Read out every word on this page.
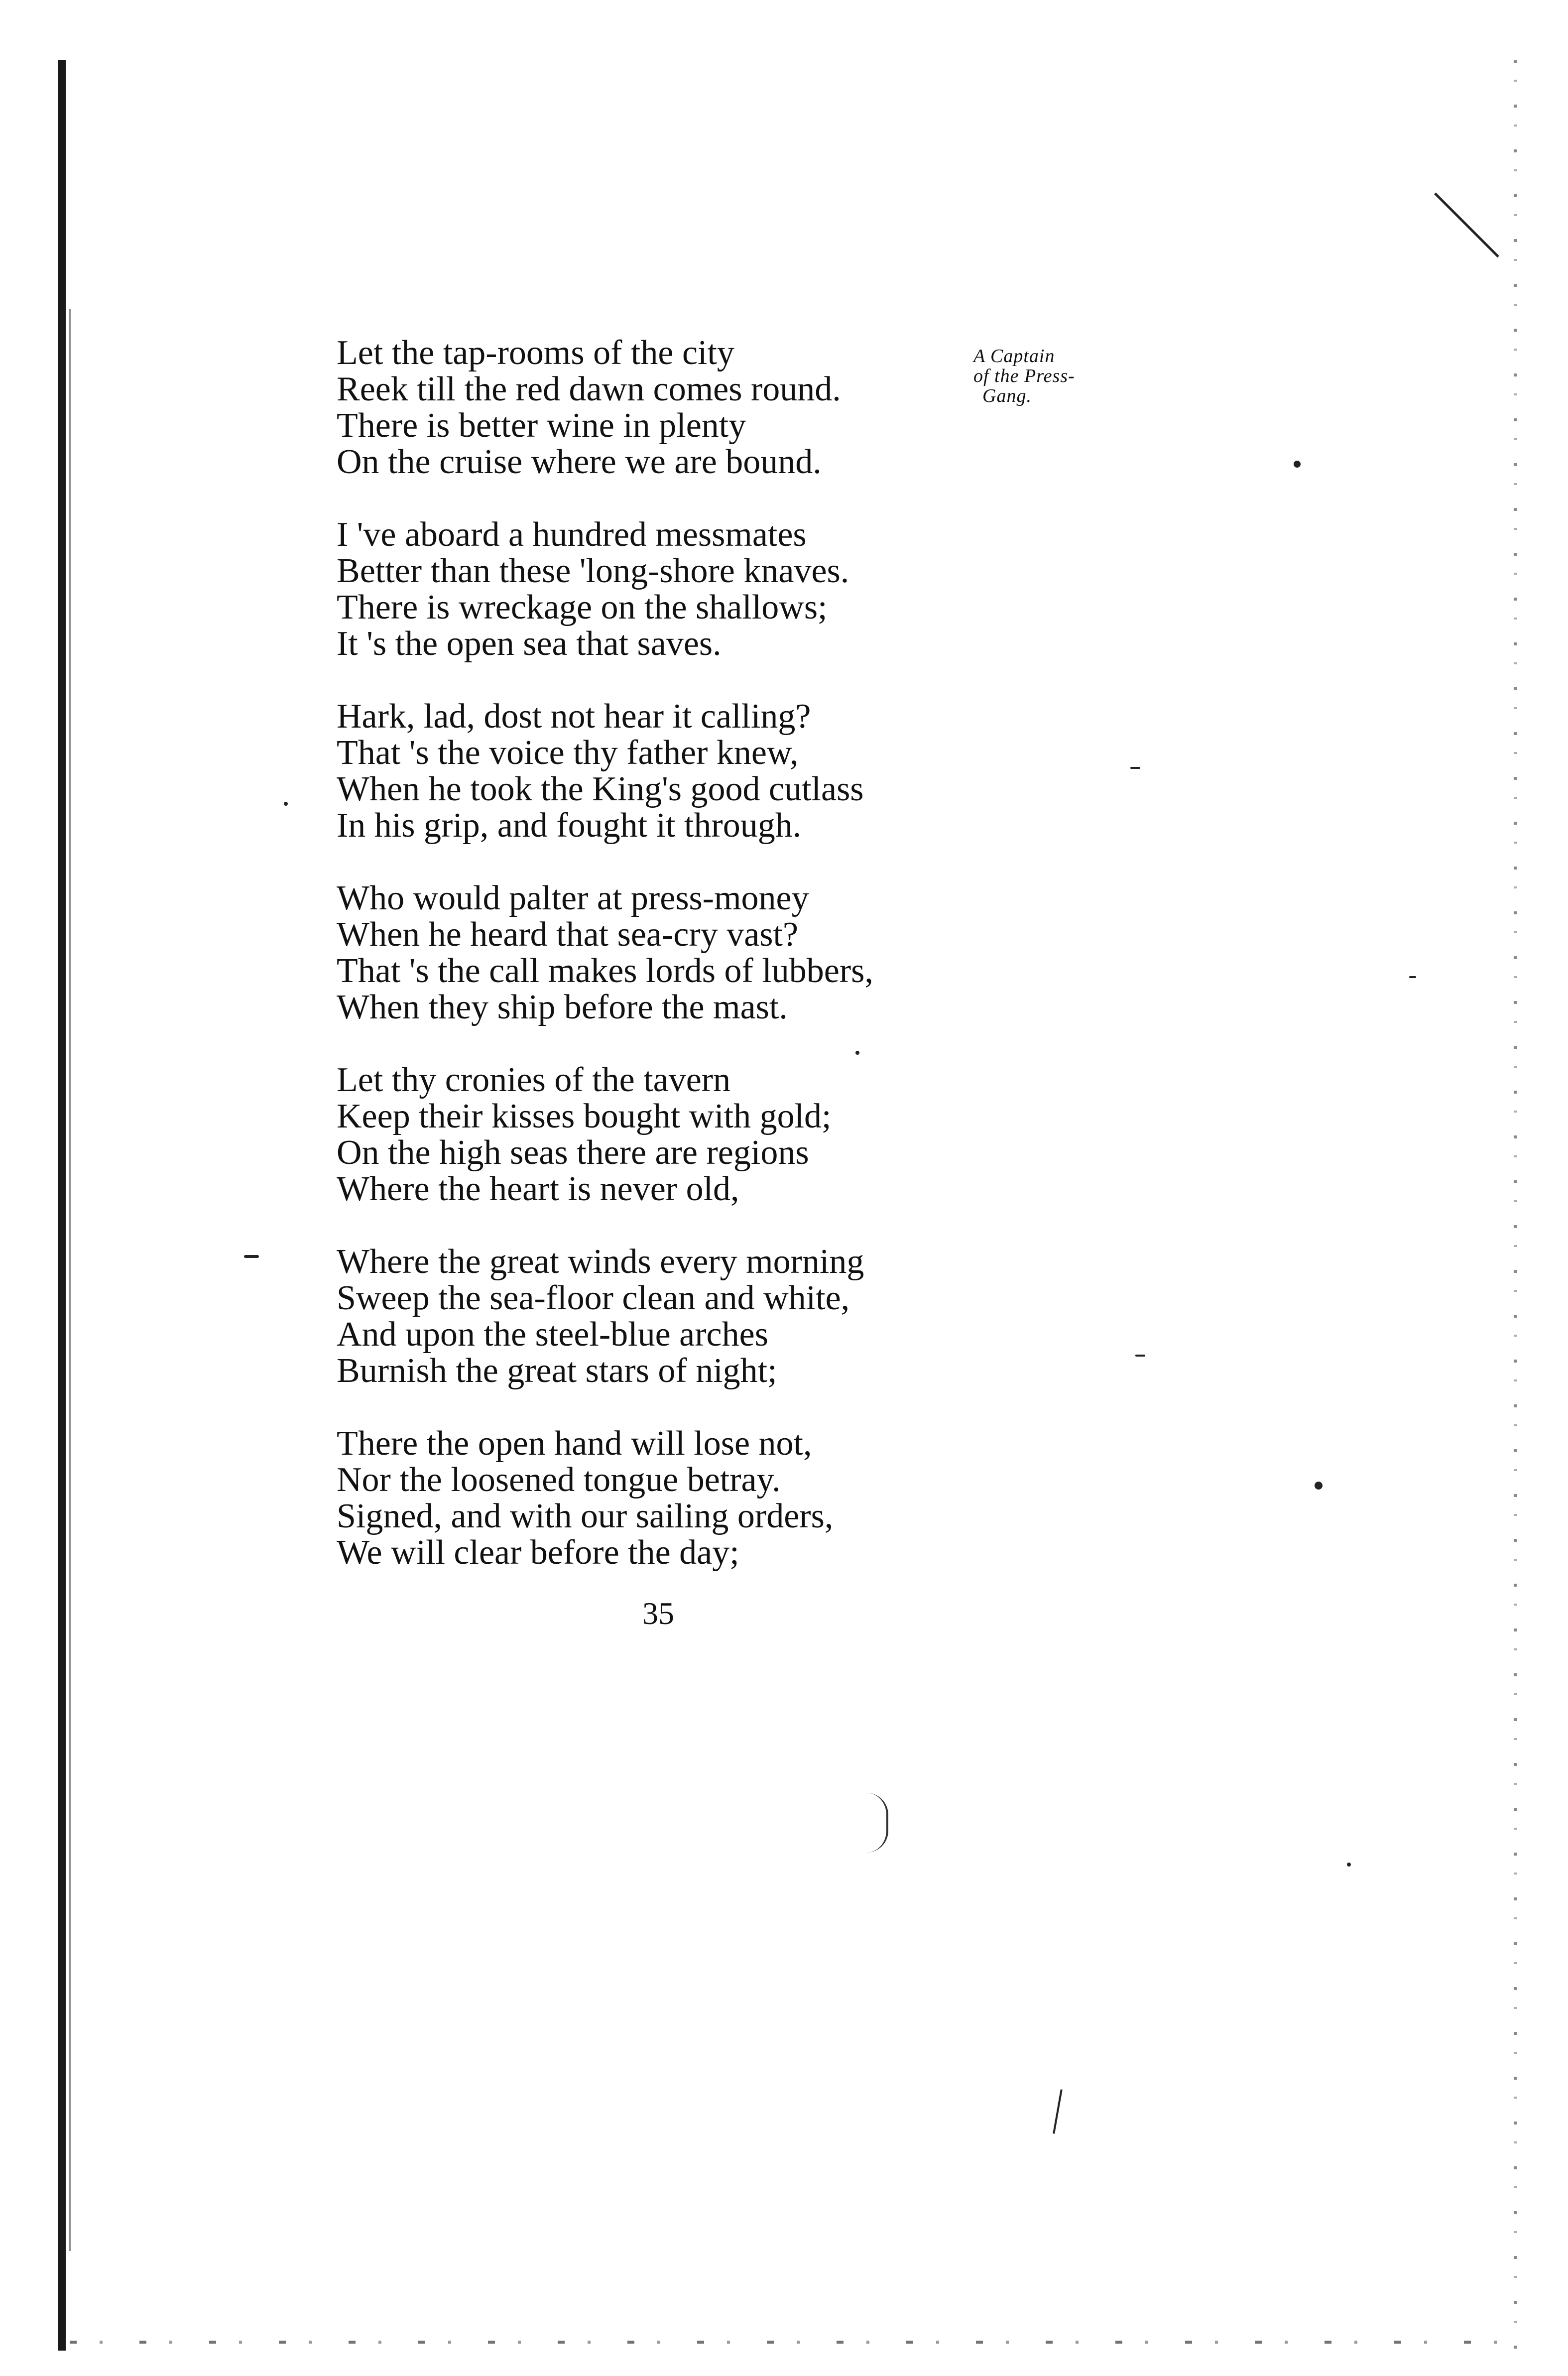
A Captain
of the Press-
Gang.
Let the tap-rooms of the city
Reek till the red dawn comes round.
There is better wine in plenty
On the cruise where we are bound.
I 've aboard a hundred messmates
Better than these 'long-shore knaves.
There is wreckage on the shallows;
It 's the open sea that saves.
Hark, lad, dost not hear it calling?
That 's the voice thy father knew,
When he took the King's good cutlass
In his grip, and fought it through.
Who would palter at press-money
When he heard that sea-cry vast?
That 's the call makes lords of lubbers,
When they ship before the mast.
Let thy cronies of the tavern
Keep their kisses bought with gold;
On the high seas there are regions
Where the heart is never old,
Where the great winds every morning
Sweep the sea-floor clean and white,
And upon the steel-blue arches
Burnish the great stars of night;
There the open hand will lose not,
Nor the loosened tongue betray.
Signed, and with our sailing orders,
We will clear before the day;
35
